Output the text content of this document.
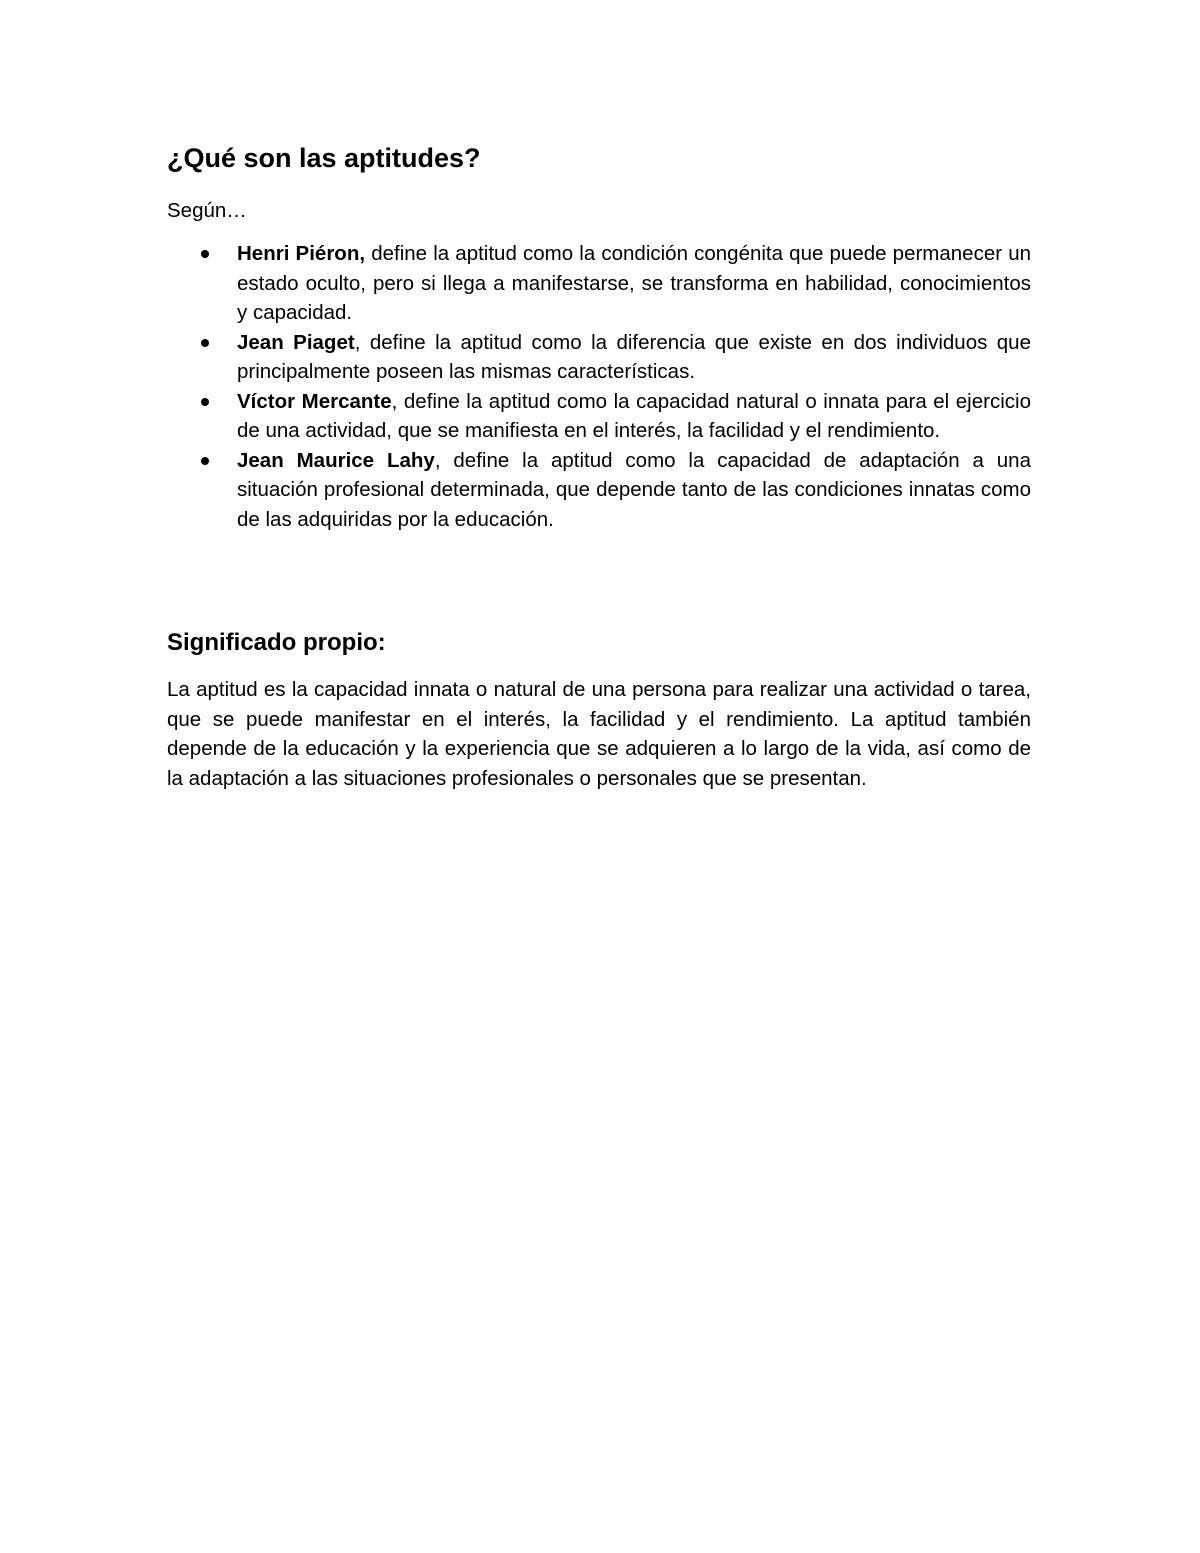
¿Qué son las aptitudes?

Según…

Henri Piéron, define la aptitud como la condición congénita que puede permanecer un estado oculto, pero si llega a manifestarse, se transforma en habilidad, conocimientos y capacidad.
Jean Piaget, define la aptitud como la diferencia que existe en dos individuos que principalmente poseen las mismas características.
Víctor Mercante, define la aptitud como la capacidad natural o innata para el ejercicio de una actividad, que se manifiesta en el interés, la facilidad y el rendimiento.
Jean Maurice Lahy, define la aptitud como la capacidad de adaptación a una situación profesional determinada, que depende tanto de las condiciones innatas como de las adquiridas por la educación.
Significado propio:

La aptitud es la capacidad innata o natural de una persona para realizar una actividad o tarea, que se puede manifestar en el interés, la facilidad y el rendimiento. La aptitud también depende de la educación y la experiencia que se adquieren a lo largo de la vida, así como de la adaptación a las situaciones profesionales o personales que se presentan.
